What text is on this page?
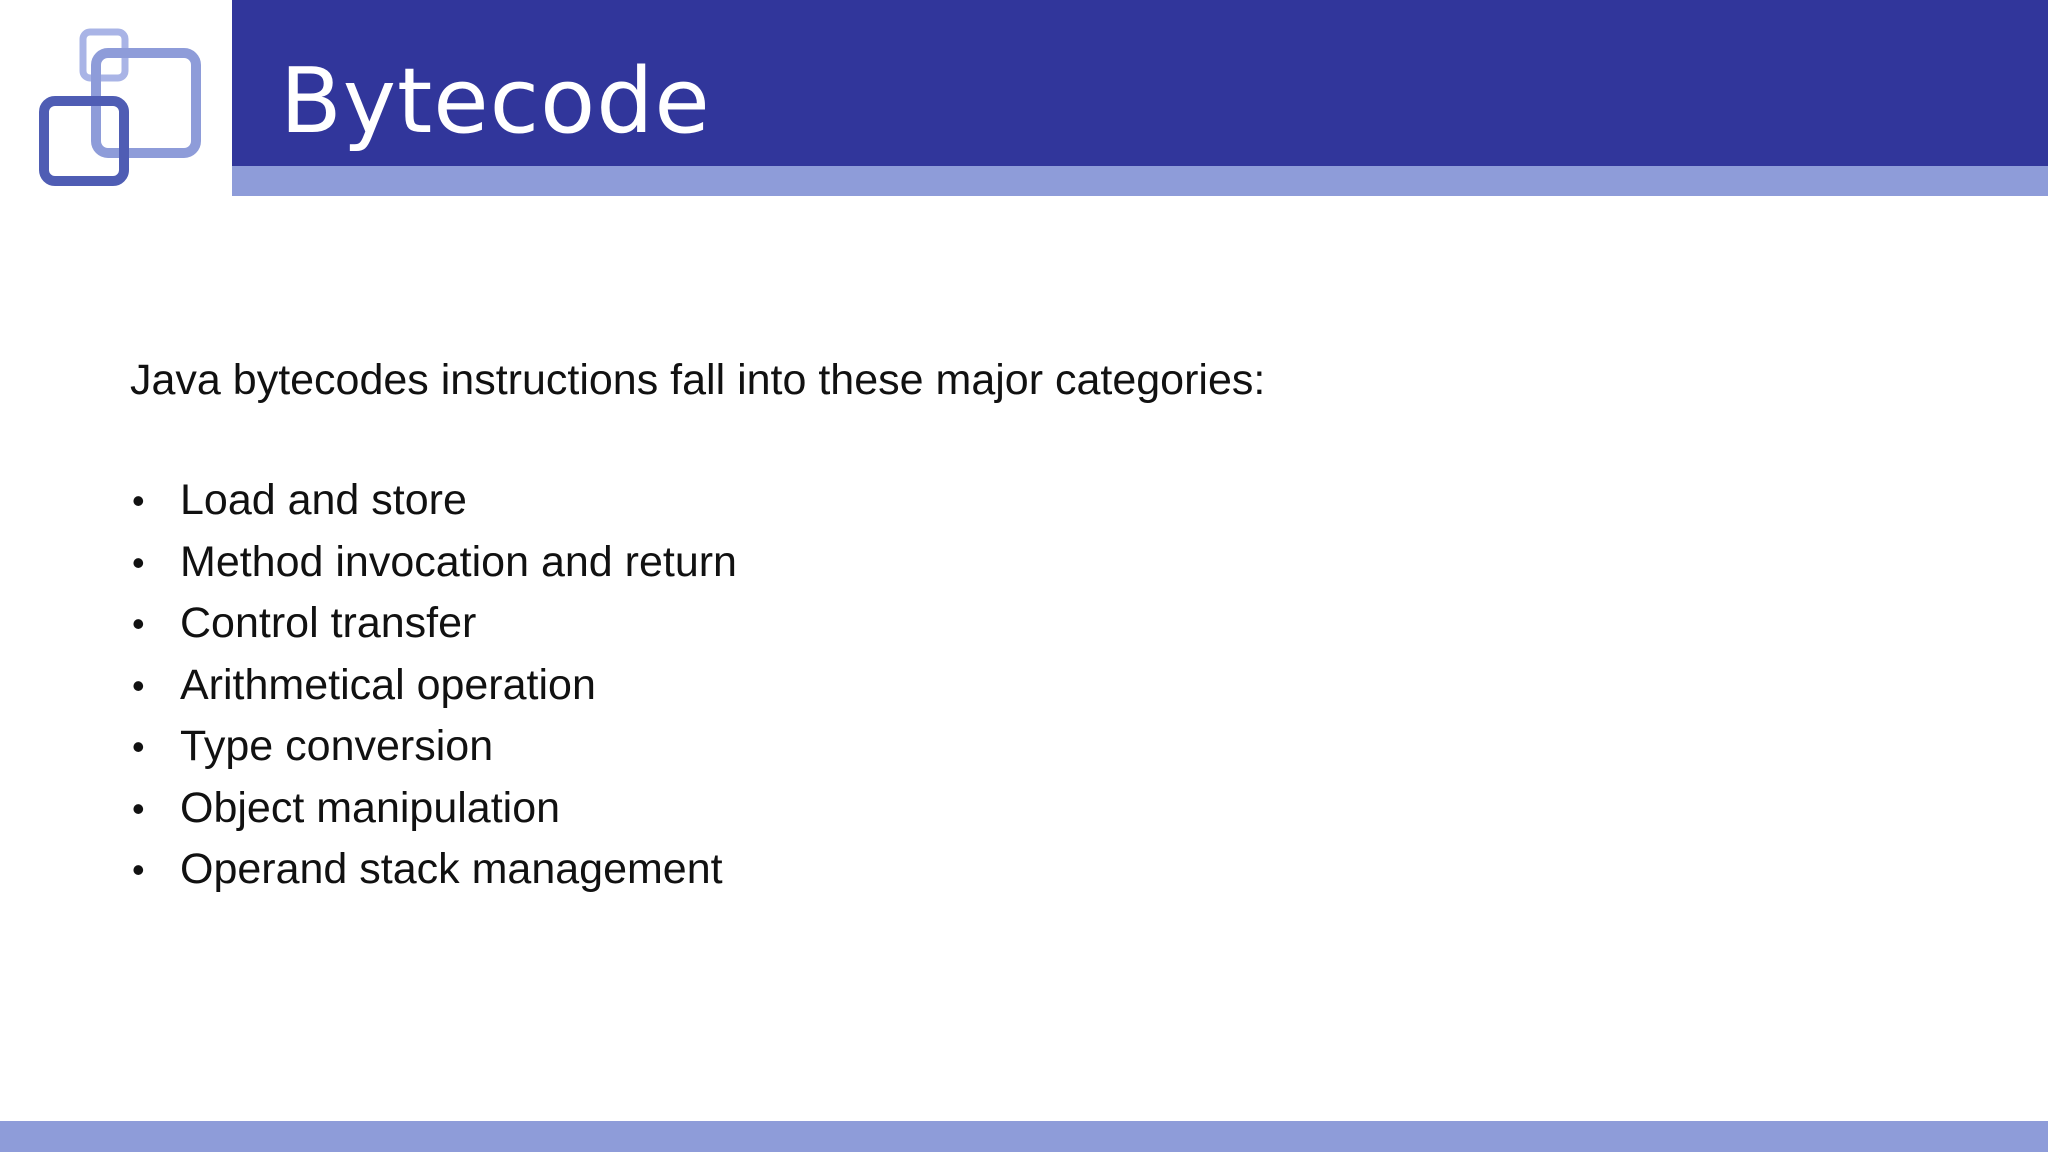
Bytecode

Java bytecodes instructions fall into these major categories:

• Load and store
• Method invocation and return
• Control transfer
• Arithmetical operation
• Type conversion
• Object manipulation
• Operand stack management
